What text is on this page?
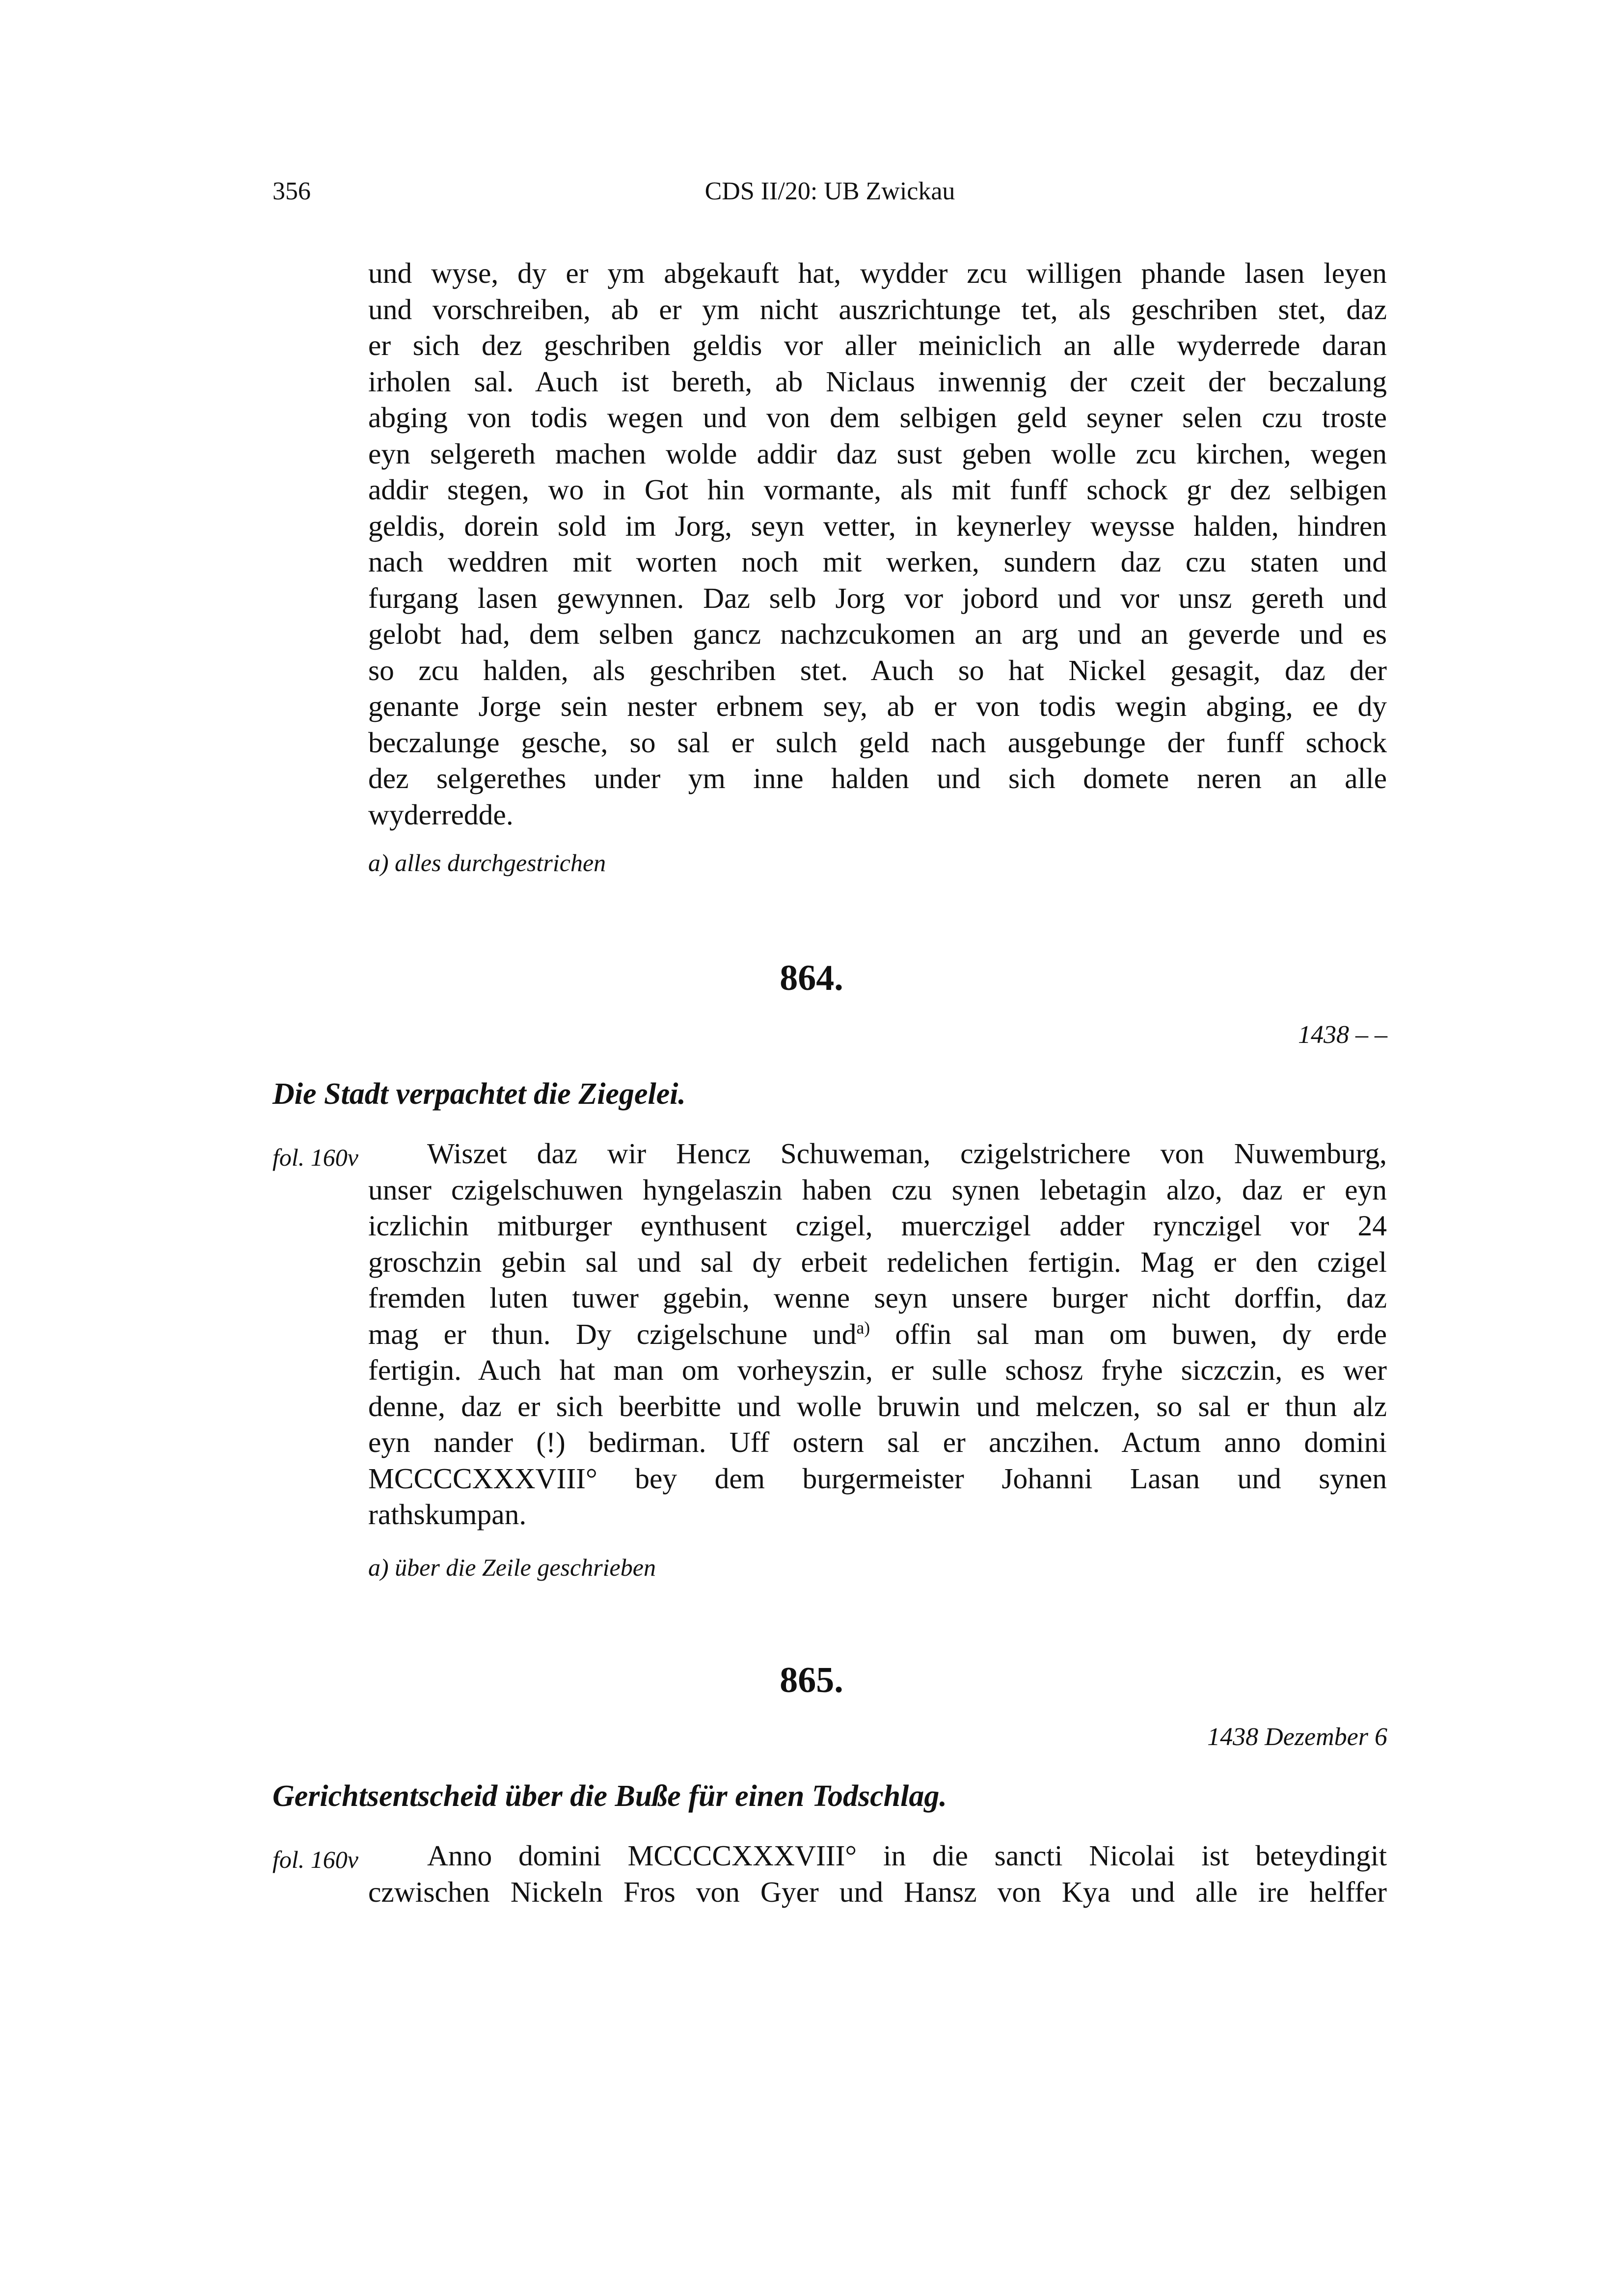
356	CDS II/20: UB Zwickau
und wyse, dy er ym abgekauft hat, wydder zcu willigen phande lasen leyen
und vorschreiben, ab er ym nicht auszrichtunge tet, als geschriben stet, daz
er sich dez geschriben geldis vor aller meiniclich an alle wyderrede daran
irholen sal. Auch ist bereth, ab Niclaus inwennig der czeit der beczalung
abging von todis wegen und von dem selbigen geld seyner selen czu troste
eyn selgereth machen wolde addir daz sust geben wolle zcu kirchen, wegen
addir stegen, wo in Got hin vormante, als mit funff schock gr dez selbigen
geldis, dorein sold im Jorg, seyn vetter, in keynerley weysse halden, hindren
nach weddren mit worten noch mit werken, sundern daz czu staten und
furgang lasen gewynnen. Daz selb Jorg vor jobord und vor unsz gereth und
gelobt had, dem selben gancz nachzcukomen an arg und an geverde und es
so zcu halden, als geschriben stet. Auch so hat Nickel gesagit, daz der
genante Jorge sein nester erbnem sey, ab er von todis wegin abging, ee dy
beczalunge gesche, so sal er sulch geld nach ausgebunge der funff schock
dez selgerethes under ym inne halden und sich domete neren an alle
wyderredde.

a) alles durchgestrichen

864.

1438 – –

Die Stadt verpachtet die Ziegelei.

fol. 160v	Wiszet daz wir Hencz Schuweman, czigelstrichere von Nuwemburg,
unser czigelschuwen hyngelaszin haben czu synen lebetagin alzo, daz er eyn
iczlichin mitburger eynthusent czigel, muerczigel adder rynczigel vor 24
groschzin gebin sal und sal dy erbeit redelichen fertigin. Mag er den czigel
fremden luten tuwer ggebin, wenne seyn unsere burger nicht dorffin, daz
mag er thun. Dy czigelschune und$^{a)}$ offin sal man om buwen, dy erde
fertigin. Auch hat man om vorheyszin, er sulle schosz fryhe siczczin, es wer
denne, daz er sich beerbitte und wolle bruwin und melczen, so sal er thun alz
eyn nander (!) bedirman. Uff ostern sal er anczihen. Actum anno domini
MCCCCXXXVIII° bey dem burgermeister Johanni Lasan und synen
rathskumpan.

a) über die Zeile geschrieben

865.

1438 Dezember 6

Gerichtsentscheid über die Buße für einen Todschlag.

fol. 160v	Anno domini MCCCCXXXVIII° in die sancti Nicolai ist beteydingit
czwischen Nickeln Fros von Gyer und Hansz von Kya und alle ire helffer
